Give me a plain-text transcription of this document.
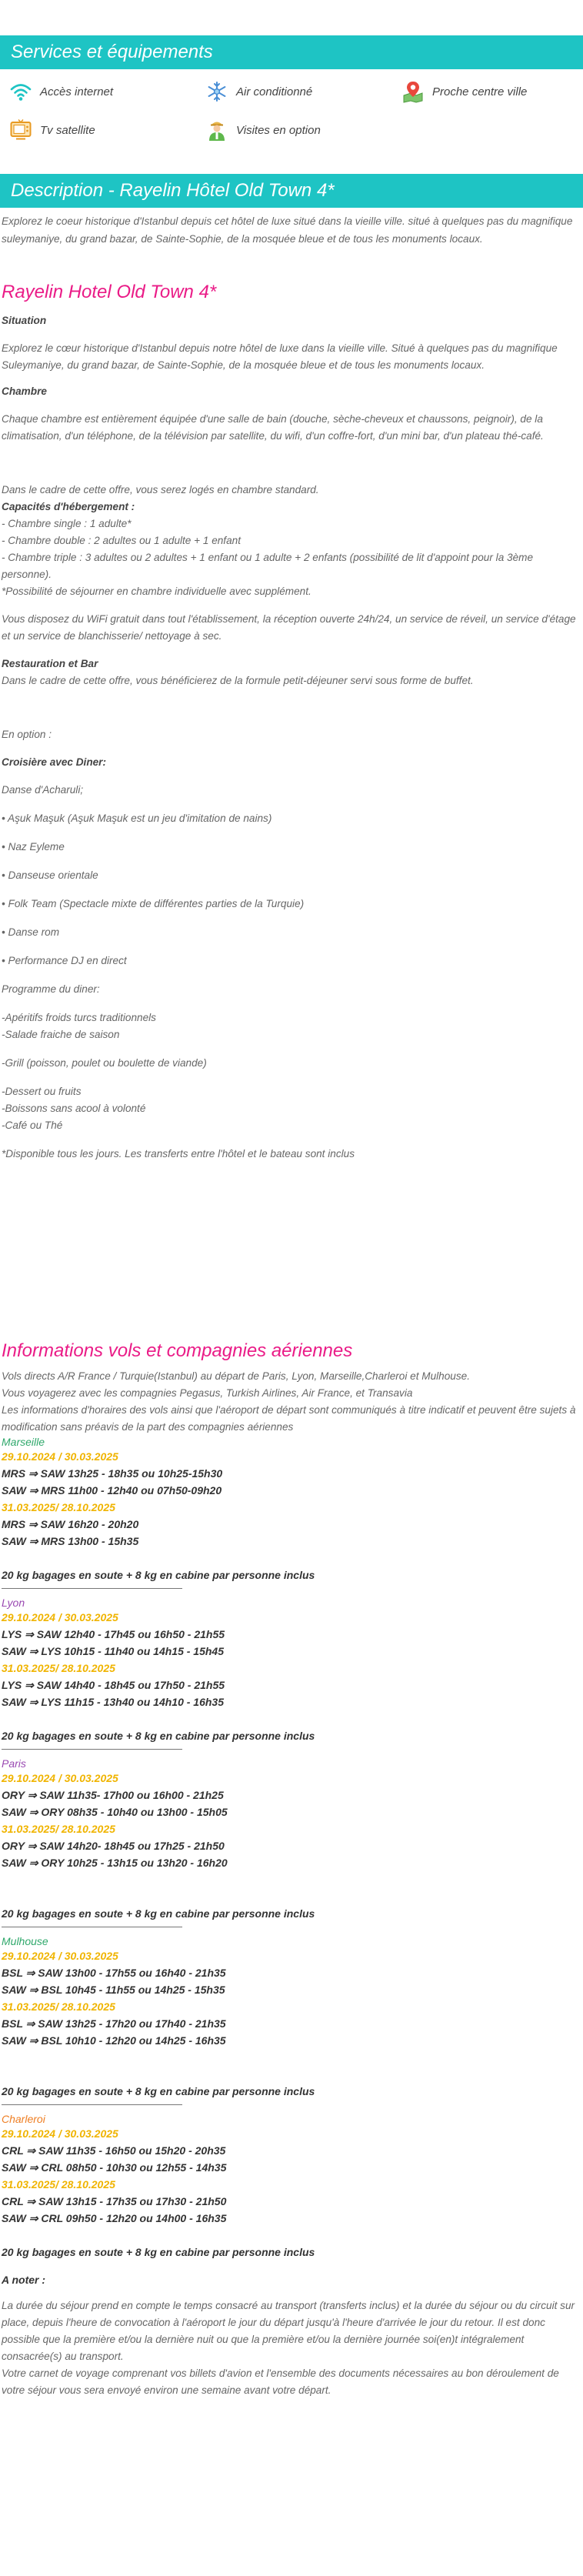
Services et équipements
Accès internet	Air conditionné	Proche centre ville
Tv satellite	Visites en option
Description - Rayelin Hôtel Old Town 4*
Explorez le coeur historique d'Istanbul depuis cet hôtel de luxe situé dans la vieille ville. situé à quelques pas du magnifique suleymaniye, du grand bazar, de Sainte-Sophie, de la mosquée bleue et de tous les monuments locaux.
Rayelin Hotel Old Town 4*
Situation
Explorez le cœur historique d'Istanbul depuis notre hôtel de luxe dans la vieille ville. Situé à quelques pas du magnifique Suleymaniye, du grand bazar, de Sainte-Sophie, de la mosquée bleue et de tous les monuments locaux.
Chambre
Chaque chambre est entièrement équipée d'une salle de bain (douche, sèche-cheveux et chaussons, peignoir), de la climatisation, d'un téléphone, de la télévision par satellite, du wifi, d'un coffre-fort, d'un mini bar, d'un plateau thé-café.
Dans le cadre de cette offre, vous serez logés en chambre standard.
Capacités d'hébergement :
- Chambre single : 1 adulte*
- Chambre double : 2 adultes ou 1 adulte + 1 enfant
- Chambre triple : 3 adultes ou 2 adultes + 1 enfant ou 1 adulte + 2 enfants (possibilité de lit d'appoint pour la 3ème personne).
*Possibilité de séjourner en chambre individuelle avec supplément.
Vous disposez du WiFi gratuit dans tout l'établissement, la réception ouverte 24h/24, un service de réveil, un service d'étage et un service de blanchisserie/ nettoyage à sec.
Restauration et Bar
Dans le cadre de cette offre, vous bénéficierez de la formule petit-déjeuner servi sous forme de buffet.
En option :
Croisière avec Diner:
Danse d'Acharuli;
• Aşuk Maşuk (Aşuk Maşuk est un jeu d'imitation de nains)
• Naz Eyleme
• Danseuse orientale
• Folk Team (Spectacle mixte de différentes parties de la Turquie)
• Danse rom
• Performance DJ en direct
Programme du diner:
-Apéritifs froids turcs traditionnels
-Salade fraiche de saison
-Grill (poisson, poulet ou boulette de viande)
-Dessert ou fruits
-Boissons sans acool à volonté
-Café ou Thé
*Disponible tous les jours. Les transferts entre l'hôtel et le bateau sont inclus
Informations vols et compagnies aériennes
Vols directs A/R France / Turquie(Istanbul) au départ de Paris, Lyon, Marseille,Charleroi et Mulhouse.
Vous voyagerez avec les compagnies Pegasus, Turkish Airlines, Air France, et Transavia
Les informations d'horaires des vols ainsi que l'aéroport de départ sont communiqués à titre indicatif et peuvent être sujets à modification sans préavis de la part des compagnies aériennes
Marseille
29.10.2024 / 30.03.2025
MRS ⇒ SAW 13h25 - 18h35 ou 10h25-15h30
SAW ⇒ MRS 11h00 - 12h40 ou 07h50-09h20
31.03.2025/ 28.10.2025
MRS ⇒ SAW 16h20 - 20h20
SAW ⇒ MRS 13h00 - 15h35
20 kg bagages en soute + 8 kg en cabine par personne inclus
Lyon
29.10.2024 / 30.03.2025
LYS ⇒ SAW 12h40 - 17h45 ou 16h50 - 21h55
SAW ⇒ LYS 10h15 - 11h40 ou 14h15 - 15h45
31.03.2025/ 28.10.2025
LYS ⇒ SAW 14h40 - 18h45 ou 17h50 - 21h55
SAW ⇒ LYS 11h15 - 13h40 ou 14h10 - 16h35
20 kg bagages en soute + 8 kg en cabine par personne inclus
Paris
29.10.2024 / 30.03.2025
ORY ⇒ SAW 11h35- 17h00 ou 16h00 - 21h25
SAW ⇒ ORY 08h35 - 10h40 ou 13h00 - 15h05
31.03.2025/ 28.10.2025
ORY ⇒ SAW 14h20- 18h45 ou 17h25 - 21h50
SAW ⇒ ORY 10h25 - 13h15 ou 13h20 - 16h20
20 kg bagages en soute + 8 kg en cabine par personne inclus
Mulhouse
29.10.2024 / 30.03.2025
BSL ⇒ SAW 13h00 - 17h55 ou 16h40 - 21h35
SAW ⇒ BSL 10h45 - 11h55 ou 14h25 - 15h35
31.03.2025/ 28.10.2025
BSL ⇒ SAW 13h25 - 17h20 ou 17h40 - 21h35
SAW ⇒ BSL 10h10 - 12h20 ou 14h25 - 16h35
20 kg bagages en soute + 8 kg en cabine par personne inclus
Charleroi
29.10.2024 / 30.03.2025
CRL ⇒ SAW 11h35 - 16h50 ou 15h20 - 20h35
SAW ⇒ CRL 08h50 - 10h30 ou 12h55 - 14h35
31.03.2025/ 28.10.2025
CRL ⇒ SAW 13h15 - 17h35 ou 17h30 - 21h50
SAW ⇒ CRL 09h50 - 12h20 ou 14h00 - 16h35
20 kg bagages en soute + 8 kg en cabine par personne inclus
A noter :
La durée du séjour prend en compte le temps consacré au transport (transferts inclus) et la durée du séjour ou du circuit sur place, depuis l'heure de convocation à l'aéroport le jour du départ jusqu'à l'heure d'arrivée le jour du retour. Il est donc possible que la première et/ou la dernière nuit ou que la première et/ou la dernière journée soi(en)t intégralement consacrée(s) au transport.
Votre carnet de voyage comprenant vos billets d'avion et l'ensemble des documents nécessaires au bon déroulement de votre séjour vous sera envoyé environ une semaine avant votre départ.
